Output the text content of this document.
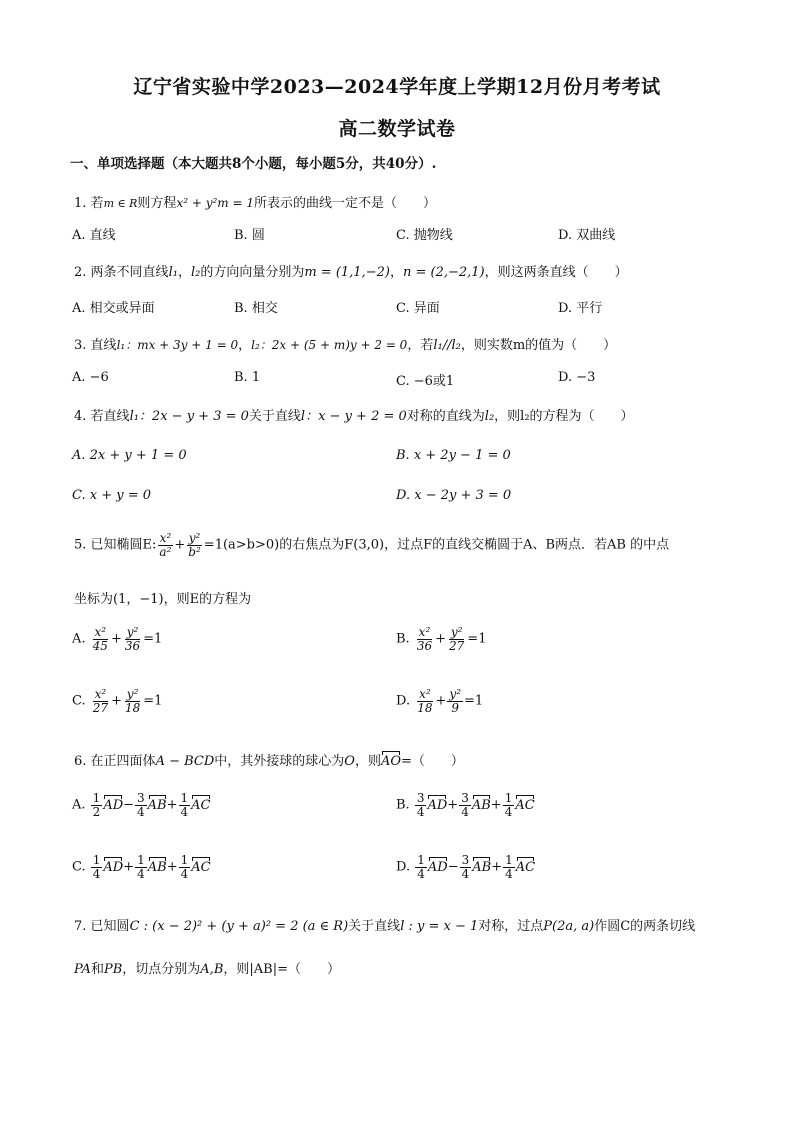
辽宁省实验中学2023—2024学年度上学期12月份月考考试
高二数学试卷
一、单项选择题（本大题共8个小题，每小题5分，共40分）.
1. 若m ∈ R则方程x² + y²m = 1所表示的曲线一定不是（　　）
A. 直线	B. 圆	C. 抛物线	D. 双曲线
2. 两条不同直线l₁，l₂的方向向量分别为m = (1,1,−2)，n = (2,−2,1)，则这两条直线（　　）
A. 相交或异面	B. 相交	C. 异面	D. 平行
3. 直线l₁：mx + 3y + 1 = 0，l₂：2x + (5 + m)y + 2 = 0，若l₁//l₂，则实数m的值为（　　）
A. −6	B. 1	C. −6或1	D. −3
4. 若直线l₁：2x − y + 3 = 0关于直线l：x − y + 2 = 0对称的直线为l₂，则l₂的方程为（　　）
A. 2x + y + 1 = 0	B. x + 2y − 1 = 0
C. x + y = 0	D. x − 2y + 3 = 0
5. 已知椭圆E: $\frac{\text{x²}}{\text{a²}} + \frac{\text{y²}}{\text{b²}} =1(a>b>0)$的右焦点为F(3,0)，过点F的直线交椭圆于A、B两点．若AB 的中点
坐标为(1，−1)，则E的方程为
A. $\frac{\text{x²}}{45} + \frac{\text{y²}}{36} =1$	B. $\frac{\text{x²}}{36} + \frac{\text{y²}}{27} =1$
C. $\frac{\text{x²}}{27} + \frac{\text{y²}}{18} =1$	D. $\frac{\text{x²}}{18} + \frac{\text{y²}}{9} =1$
6. 在正四面体A − BCD中，其外接球的球心为O，则AO=（　　）
A. $\frac{1}{2} AD- \frac{3}{4} AB+ \frac{1}{4}$ AC	B. $\frac{3}{4} AD+ \frac{3}{4} AB+ \frac{1}{4}$ AC
C. $\frac{1}{4} AD+ \frac{1}{4} AB+ \frac{1}{4}$ AC	D. $\frac{1}{4} AD- \frac{3}{4} AB+ \frac{1}{4}$ AC
7. 已知圆C : (x − 2)² + (y + a)² = 2 (a ∈ R)关于直线l : y = x − 1对称，过点P(2a, a)作圆C的两条切线
PA和PB，切点分别为A,B，则|AB|=（　　）
